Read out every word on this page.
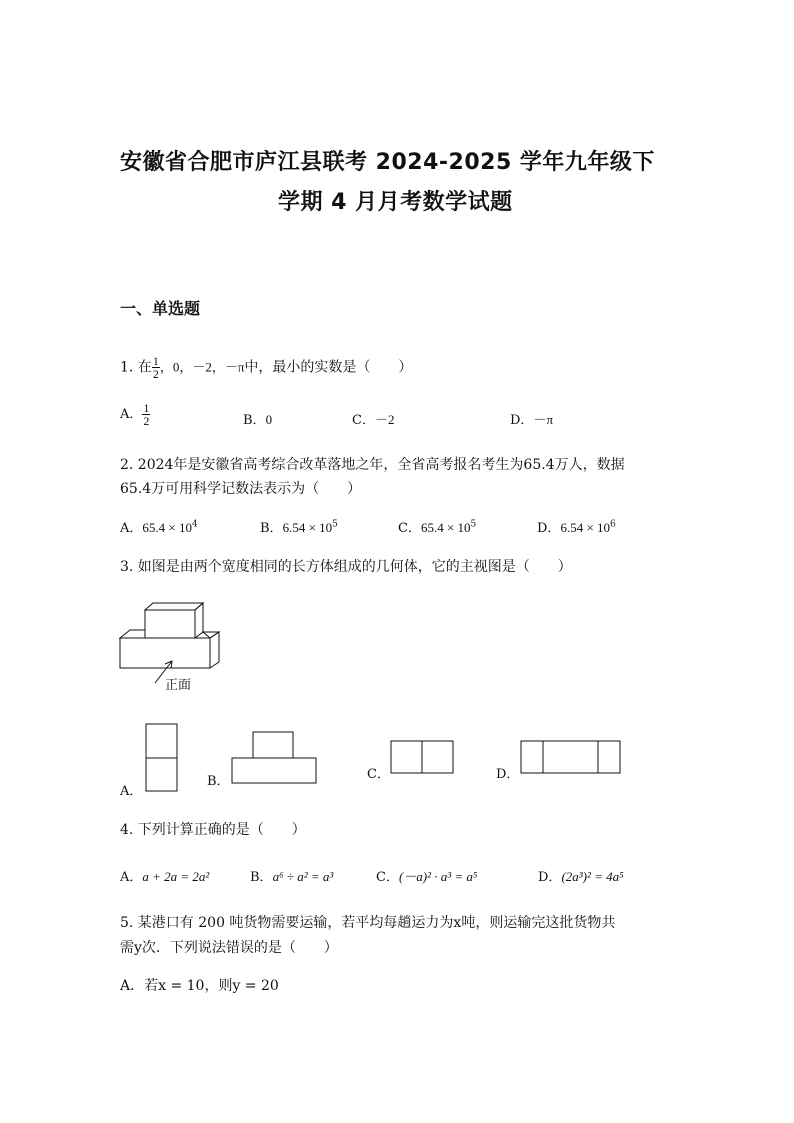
安徽省合肥市庐江县联考 2024-2025 学年九年级下
学期 4 月月考数学试题
一、单选题
1. 在 $\frac{1}{2}$ ，0，－2，－π中，最小的实数是（　　）
A． $\frac{1}{2}$	B．0	C．－2	D．－π
2. 2024年是安徽省高考综合改革落地之年，全省高考报名考生为65.4万人，数据
65.4万可用科学记数法表示为（　　）
A．$65.4 \times 10^4$	B．$6.54 \times 10^5$	C．$65.4 \times 10^5$	D．$6.54 \times 10^6$
3. 如图是由两个宽度相同的长方体组成的几何体，它的主视图是（　　）
正面
A．
B．	C．	D．
4. 下列计算正确的是（　　）
A．a + 2a = 2a²	B．a⁶ ÷ a² = a³	C．(－a)² · a³ = a⁵	D．(2a³)² = 4a⁵
5. 某港口有 200 吨货物需要运输，若平均每趟运力为x吨，则运输完这批货物共
需y次．下列说法错误的是（　　）
A．若x = 10，则y = 20
